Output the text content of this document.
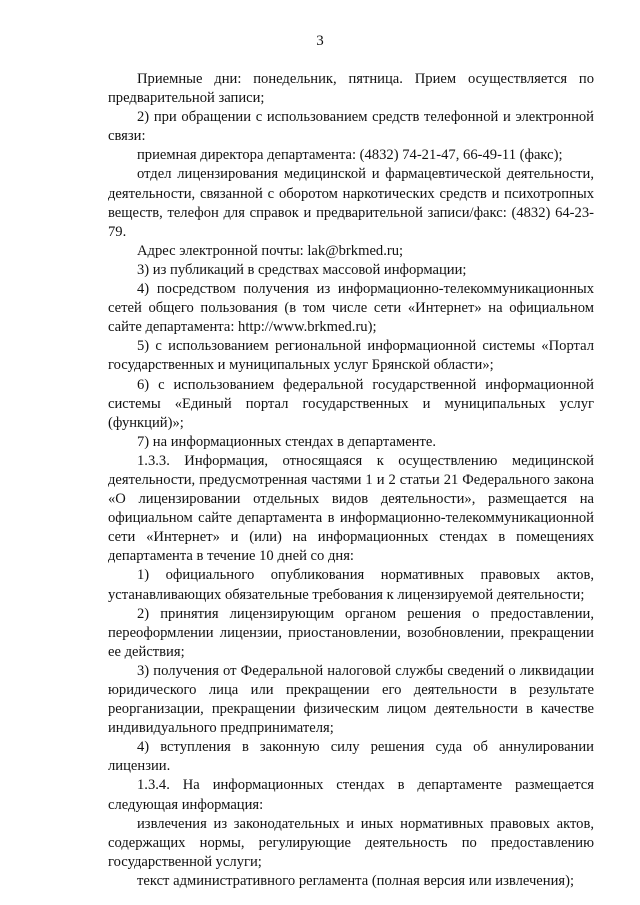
3

Приемные дни: понедельник, пятница. Прием осуществляется по предварительной записи;

2) при обращении с использованием средств телефонной и электронной связи:

приемная директора департамента: (4832) 74-21-47, 66-49-11 (факс);

отдел лицензирования медицинской и фармацевтической деятельности, деятельности, связанной с оборотом наркотических средств и психотропных веществ, телефон для справок и предварительной записи/факс: (4832) 64-23-79.

Адрес электронной почты: lak@brkmed.ru;

3) из публикаций в средствах массовой информации;

4) посредством получения из информационно-телекоммуникационных сетей общего пользования (в том числе сети «Интернет» на официальном сайте департамента: http://www.brkmed.ru);

5) с использованием региональной информационной системы «Портал государственных и муниципальных услуг Брянской области»;

6) с использованием федеральной государственной информационной системы «Единый портал государственных и муниципальных услуг (функций)»;

7) на информационных стендах в департаменте.

1.3.3. Информация, относящаяся к осуществлению медицинской деятельности, предусмотренная частями 1 и 2 статьи 21 Федерального закона «О лицензировании отдельных видов деятельности», размещается на официальном сайте департамента в информационно-телекоммуникационной сети «Интернет» и (или) на информационных стендах в помещениях департамента в течение 10 дней со дня:

1) официального опубликования нормативных правовых актов, устанавливающих обязательные требования к лицензируемой деятельности;

2) принятия лицензирующим органом решения о предоставлении, переоформлении лицензии, приостановлении, возобновлении, прекращении ее действия;

3) получения от Федеральной налоговой службы сведений о ликвидации юридического лица или прекращении его деятельности в результате реорганизации, прекращении физическим лицом деятельности в качестве индивидуального предпринимателя;

4) вступления в законную силу решения суда об аннулировании лицензии.

1.3.4. На информационных стендах в департаменте размещается следующая информация:

извлечения из законодательных и иных нормативных правовых актов, содержащих нормы, регулирующие деятельность по предоставлению государственной услуги;

текст административного регламента (полная версия или извлечения);
